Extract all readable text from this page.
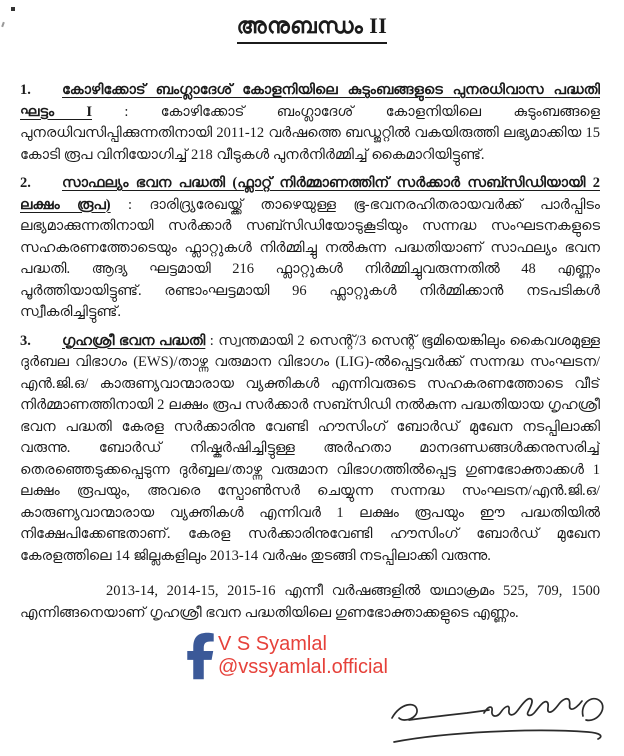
അനുബന്ധം II

1. കോഴിക്കോട് ബംഗ്ലാദേശ് കോളനിയിലെ കുടുംബങ്ങളുടെ പുനരധിവാസ പദ്ധതി ഘട്ടം I : കോഴിക്കോട് ബംഗ്ലാദേശ് കോളനിയിലെ കുടുംബങ്ങളെ പുനരധിവസിപ്പിക്കുന്നതിനായി 2011-12 വർഷത്തെ ബഡ്ജറ്റിൽ വകയിരുത്തി ലഭ്യമാക്കിയ 15 കോടി രൂപ വിനിയോഗിച്ച് 218 വീടുകൾ പുനർനിർമ്മിച്ച് കൈമാറിയിട്ടുണ്ട്.

2. സാഫല്യം ഭവന പദ്ധതി (ഫ്ലാറ്റ് നിർമ്മാണത്തിന് സർക്കാർ സബ്സിഡിയായി 2 ലക്ഷം രൂപ) : ദാരിദ്ര്യരേഖയ്ക്ക് താഴെയുള്ള ഭൂ-ഭവനരഹിതരായവർക്ക് പാർപ്പിടം ലഭ്യമാക്കുന്നതിനായി സർക്കാർ സബ്സിഡിയോടുകൂടിയും സന്നദ്ധ സംഘടനകളുടെ സഹകരണത്തോടെയും ഫ്ലാറ്റുകൾ നിർമ്മിച്ചു നൽകുന്ന പദ്ധതിയാണ് സാഫല്യം ഭവന പദ്ധതി. ആദ്യ ഘട്ടമായി 216 ഫ്ലാറ്റുകൾ നിർമ്മിച്ചുവരുന്നതിൽ 48 എണ്ണം പൂർത്തിയായിട്ടുണ്ട്. രണ്ടാംഘട്ടമായി 96 ഫ്ലാറ്റുകൾ നിർമ്മിക്കാൻ നടപടികൾ സ്വീകരിച്ചിട്ടുണ്ട്.

3. ഗൃഹശ്രീ ഭവന പദ്ധതി : സ്വന്തമായി 2 സെന്റ്/3 സെന്റ് ഭൂമിയെങ്കിലും കൈവശമുള്ള ദുർബല വിഭാഗം (EWS)/താഴ്ന്ന വരുമാന വിഭാഗം (LIG)-ൽപ്പെട്ടവർക്ക് സന്നദ്ധ സംഘടന/എൻ.ജി.ഒ/ കാരുണ്യവാന്മാരായ വ്യക്തികൾ എന്നിവരുടെ സഹകരണത്തോടെ വീട് നിർമ്മാണത്തിനായി 2 ലക്ഷം രൂപ സർക്കാർ സബ്സിഡി നൽകുന്ന പദ്ധതിയായ ഗൃഹശ്രീ ഭവന പദ്ധതി കേരള സർക്കാരിനു വേണ്ടി ഹൗസിംഗ് ബോർഡ് മുഖേന നടപ്പിലാക്കി വരുന്നു. ബോർഡ് നിഷ്കർഷിച്ചിട്ടുള്ള അർഹതാ മാനദണ്ഡങ്ങൾക്കനുസരിച്ച് തെരഞ്ഞെടുക്കപ്പെടുന്ന ദുർബ്ബല/താഴ്ന്ന വരുമാന വിഭാഗത്തിൽപ്പെട്ട ഗുണഭോക്താക്കൾ 1 ലക്ഷം രൂപയും, അവരെ സ്പോൺസർ ചെയ്യുന്ന സന്നദ്ധ സംഘടന/എൻ.ജി.ഒ/ കാരുണ്യവാന്മാരായ വ്യക്തികൾ എന്നിവർ 1 ലക്ഷം രൂപയും ഈ പദ്ധതിയിൽ നിക്ഷേപിക്കേണ്ടതാണ്. കേരള സർക്കാരിനുവേണ്ടി ഹൗസിംഗ് ബോർഡ് മുഖേന കേരളത്തിലെ 14 ജില്ലകളിലും 2013-14 വർഷം തുടങ്ങി നടപ്പിലാക്കി വരുന്നു.

2013-14, 2014-15, 2015-16 എന്നീ വർഷങ്ങളിൽ യഥാക്രമം 525, 709, 1500 എന്നിങ്ങനെയാണ് ഗൃഹശ്രീ ഭവന പദ്ധതിയിലെ ഗുണഭോക്താക്കളുടെ എണ്ണം.

V S Syamlal
@vssyamlal.official
